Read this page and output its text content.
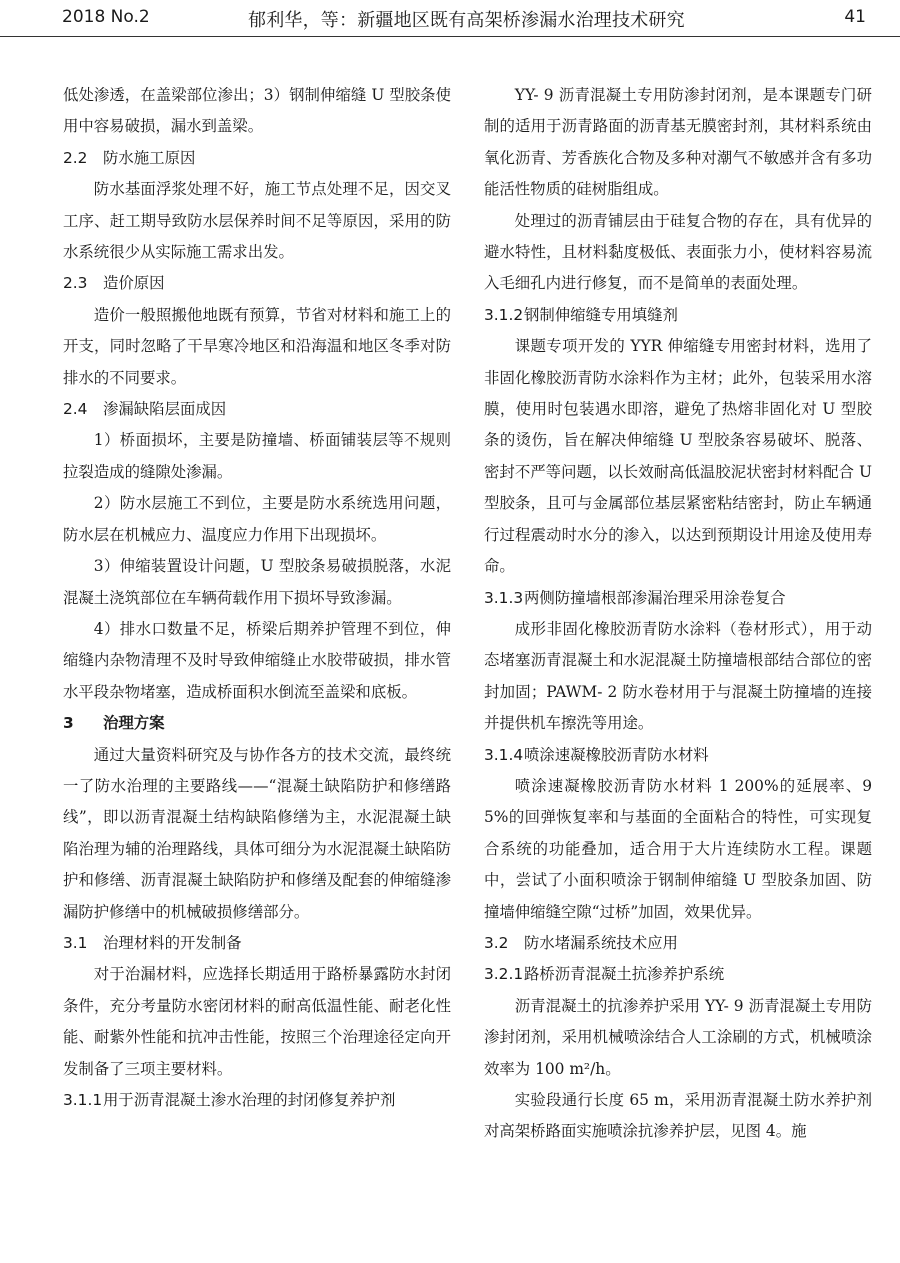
2018 No.2	郁利华，等：新疆地区既有高架桥渗漏水治理技术研究	41

低处渗透，在盖梁部位渗出；3）钢制伸缩缝 U 型胶条使用中容易破损，漏水到盖梁。

2.2 防水施工原因

防水基面浮浆处理不好，施工节点处理不足，因交叉工序、赶工期导致防水层保养时间不足等原因，采用的防水系统很少从实际施工需求出发。

2.3 造价原因

造价一般照搬他地既有预算，节省对材料和施工上的开支，同时忽略了干旱寒冷地区和沿海温和地区冬季对防排水的不同要求。

2.4 渗漏缺陷层面成因

1）桥面损坏，主要是防撞墙、桥面铺装层等不规则拉裂造成的缝隙处渗漏。

2）防水层施工不到位，主要是防水系统选用问题，防水层在机械应力、温度应力作用下出现损坏。

3）伸缩装置设计问题，U 型胶条易破损脱落，水泥混凝土浇筑部位在车辆荷载作用下损坏导致渗漏。

4）排水口数量不足，桥梁后期养护管理不到位，伸缩缝内杂物清理不及时导致伸缩缝止水胶带破损，排水管水平段杂物堵塞，造成桥面积水倒流至盖梁和底板。

3 治理方案

通过大量资料研究及与协作各方的技术交流，最终统一了防水治理的主要路线——“混凝土缺陷防护和修缮路线”，即以沥青混凝土结构缺陷修缮为主，水泥混凝土缺陷治理为辅的治理路线，具体可细分为水泥混凝土缺陷防护和修缮、沥青混凝土缺陷防护和修缮及配套的伸缩缝渗漏防护修缮中的机械破损修缮部分。

3.1 治理材料的开发制备

对于治漏材料，应选择长期适用于路桥暴露防水封闭条件，充分考量防水密闭材料的耐高低温性能、耐老化性能、耐紫外性能和抗冲击性能，按照三个治理途径定向开发制备了三项主要材料。

3.1.1用于沥青混凝土渗水治理的封闭修复养护剂

YY- 9 沥青混凝土专用防渗封闭剂，是本课题专门研制的适用于沥青路面的沥青基无膜密封剂，其材料系统由氧化沥青、芳香族化合物及多种对潮气不敏感并含有多功能活性物质的硅树脂组成。

处理过的沥青铺层由于硅复合物的存在，具有优异的避水特性，且材料黏度极低、表面张力小，使材料容易流入毛细孔内进行修复，而不是简单的表面处理。

3.1.2钢制伸缩缝专用填缝剂

课题专项开发的 YYR 伸缩缝专用密封材料，选用了非固化橡胶沥青防水涂料作为主材；此外，包装采用水溶膜，使用时包装遇水即溶，避免了热熔非固化对 U 型胶条的烫伤，旨在解决伸缩缝 U 型胶条容易破坏、脱落、密封不严等问题，以长效耐高低温胶泥状密封材料配合 U 型胶条，且可与金属部位基层紧密粘结密封，防止车辆通行过程震动时水分的渗入，以达到预期设计用途及使用寿命。

3.1.3两侧防撞墙根部渗漏治理采用涂卷复合

成形非固化橡胶沥青防水涂料（卷材形式），用于动态堵塞沥青混凝土和水泥混凝土防撞墙根部结合部位的密封加固；PAWM- 2 防水卷材用于与混凝土防撞墙的连接并提供机车擦洗等用途。

3.1.4喷涂速凝橡胶沥青防水材料

喷涂速凝橡胶沥青防水材料 1 200%的延展率、95%的回弹恢复率和与基面的全面粘合的特性，可实现复合系统的功能叠加，适合用于大片连续防水工程。课题中，尝试了小面积喷涂于钢制伸缩缝 U 型胶条加固、防撞墙伸缩缝空隙“过桥”加固，效果优异。

3.2 防水堵漏系统技术应用
3.2.1路桥沥青混凝土抗渗养护系统

沥青混凝土的抗渗养护采用 YY- 9 沥青混凝土专用防渗封闭剂，采用机械喷涂结合人工涂刷的方式，机械喷涂效率为 100 m²/h。

实验段通行长度 65 m，采用沥青混凝土防水养护剂对高架桥路面实施喷涂抗渗养护层，见图 4。施
